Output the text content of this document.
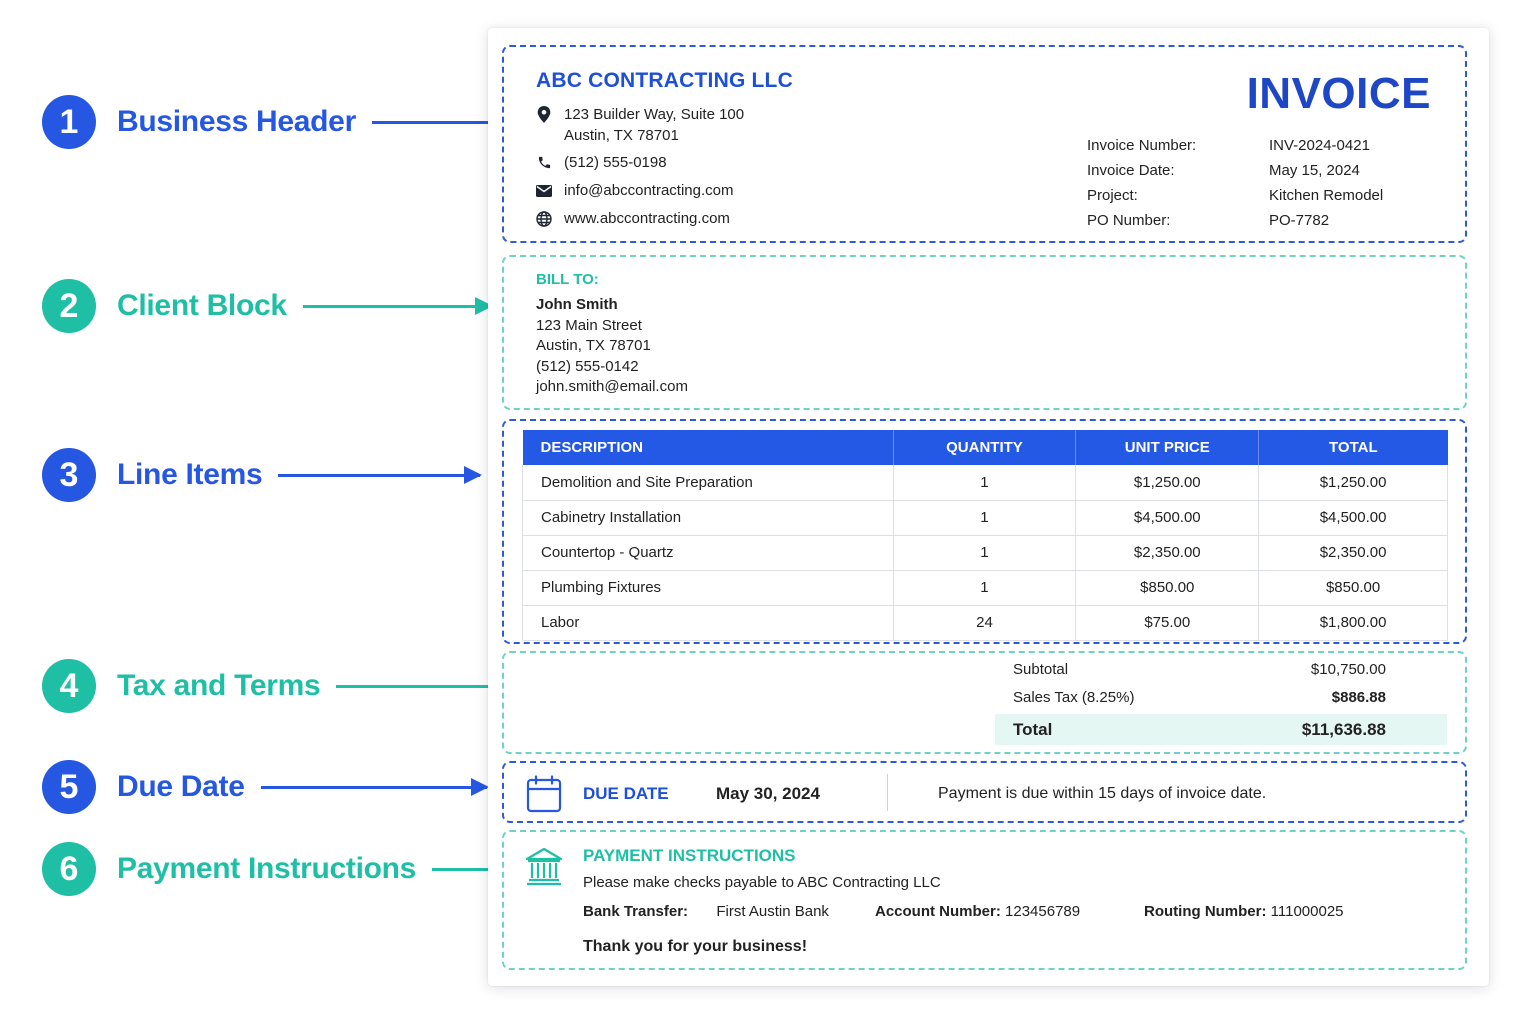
1	Business Header
2	Client Block
3	Line Items
4	Tax and Terms
5	Due Date
6	Payment Instructions
ABC CONTRACTING LLC
123 Builder Way, Suite 100
Austin, TX 78701
(512) 555-0198
info@abccontracting.com
www.abccontracting.com
INVOICE
Invoice Number:	INV-2024-0421
Invoice Date:	May 15, 2024
Project:	Kitchen Remodel
PO Number:	PO-7782
BILL TO:
John Smith
123 Main Street
Austin, TX 78701
(512) 555-0142
john.smith@email.com
DESCRIPTION	QUANTITY	UNIT PRICE	TOTAL
Demolition and Site Preparation	1	$1,250.00	$1,250.00
Cabinetry Installation	1	$4,500.00	$4,500.00
Countertop - Quartz	1	$2,350.00	$2,350.00
Plumbing Fixtures	1	$850.00	$850.00
Labor	24	$75.00	$1,800.00
Subtotal	$10,750.00
Sales Tax (8.25%)	$886.88
Total	$11,636.88
DUE DATE	May 30, 2024	Payment is due within 15 days of invoice date.
PAYMENT INSTRUCTIONS
Please make checks payable to ABC Contracting LLC
Bank Transfer: First Austin Bank	Account Number: 123456789	Routing Number: 111000025
Thank you for your business!
